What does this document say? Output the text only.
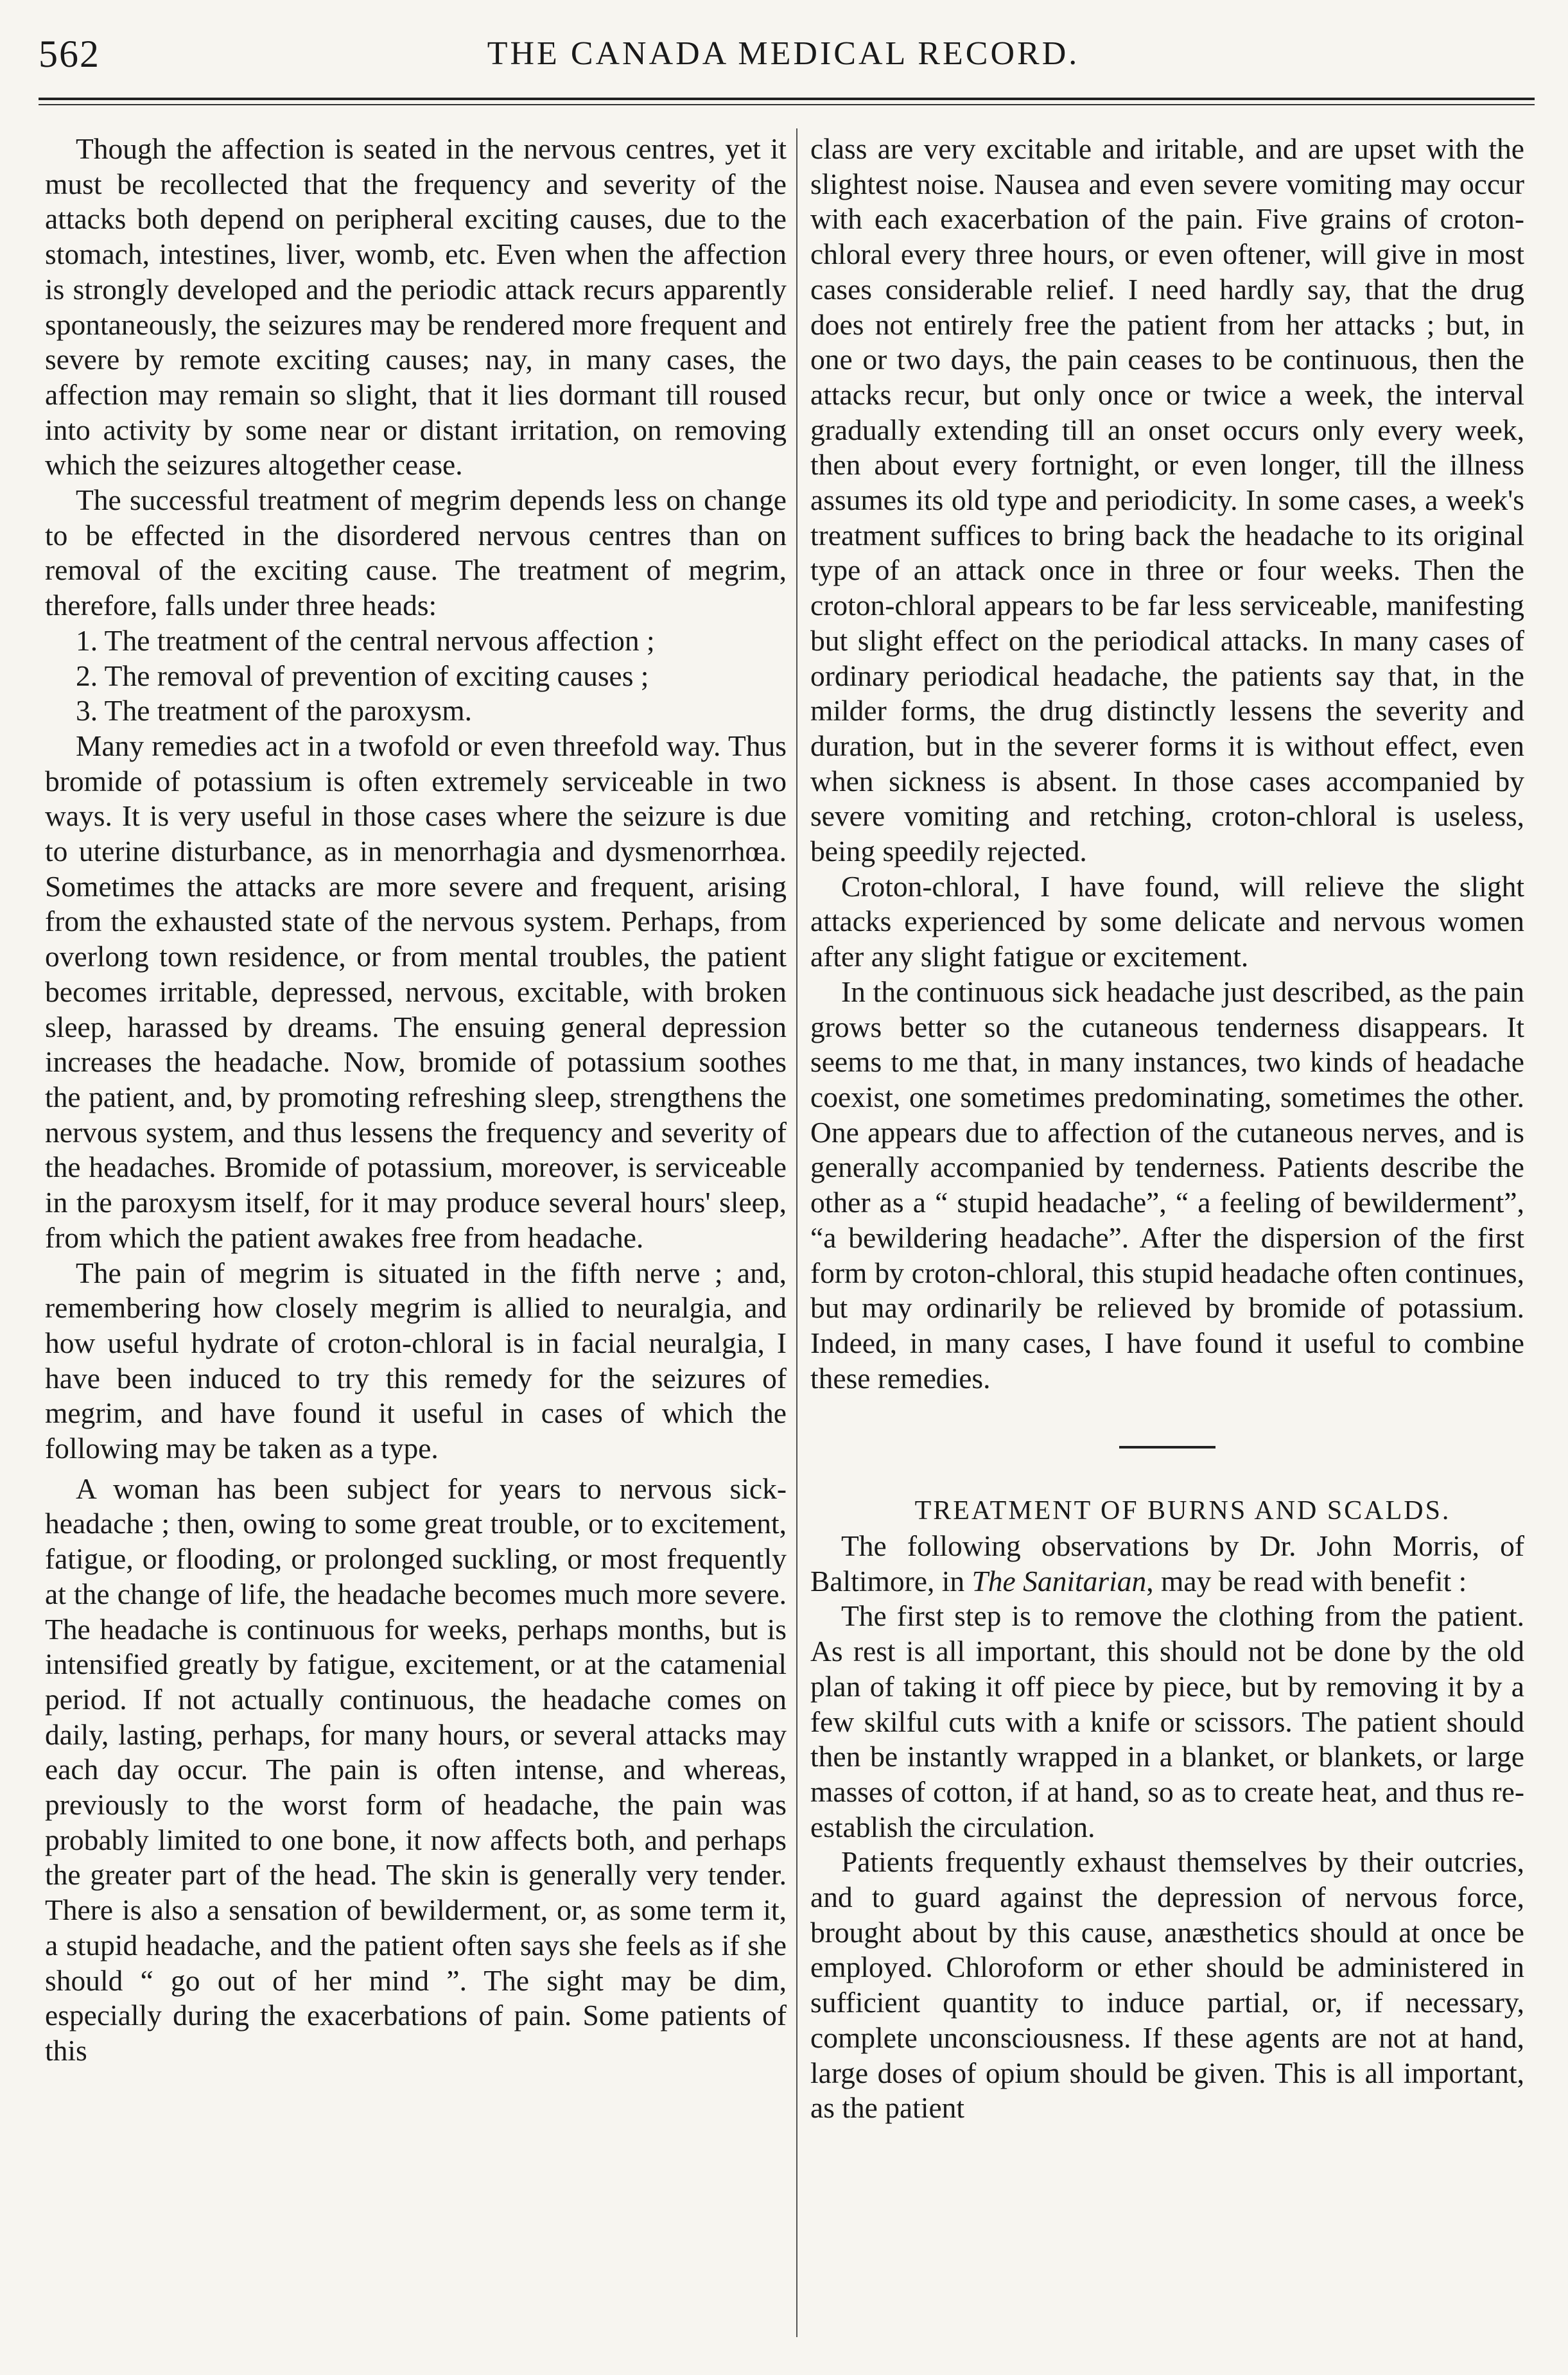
562	THE CANADA MEDICAL RECORD.

Though the affection is seated in the nervous centres, yet it must be recollected that the frequency and severity of the attacks both depend on peripheral exciting causes, due to the stomach, intestines, liver, womb, etc. Even when the affection is strongly developed and the periodic attack recurs apparently spontaneously, the seizures may be rendered more frequent and severe by remote exciting causes; nay, in many cases, the affection may remain so slight, that it lies dormant till roused into activity by some near or distant irritation, on removing which the seizures altogether cease.

The successful treatment of megrim depends less on change to be effected in the disordered nervous centres than on removal of the exciting cause. The treatment of megrim, therefore, falls under three heads:

1. The treatment of the central nervous affection ;

2. The removal of prevention of exciting causes ;

3. The treatment of the paroxysm.

Many remedies act in a twofold or even threefold way. Thus bromide of potassium is often extremely serviceable in two ways. It is very useful in those cases where the seizure is due to uterine disturbance, as in menorrhagia and dysmenorrhœa. Sometimes the attacks are more severe and frequent, arising from the exhausted state of the nervous system. Perhaps, from overlong town residence, or from mental troubles, the patient becomes irritable, depressed, nervous, excitable, with broken sleep, harassed by dreams. The ensuing general depression increases the headache. Now, bromide of potassium soothes the patient, and, by promoting refreshing sleep, strengthens the nervous system, and thus lessens the frequency and severity of the headaches. Bromide of potassium, moreover, is serviceable in the paroxysm itself, for it may produce several hours' sleep, from which the patient awakes free from headache.

The pain of megrim is situated in the fifth nerve ; and, remembering how closely megrim is allied to neuralgia, and how useful hydrate of croton-chloral is in facial neuralgia, I have been induced to try this remedy for the seizures of megrim, and have found it useful in cases of which the following may be taken as a type.

A woman has been subject for years to nervous sick-headache ; then, owing to some great trouble, or to excitement, fatigue, or flooding, or prolonged suckling, or most frequently at the change of life, the headache becomes much more severe. The headache is continuous for weeks, perhaps months, but is intensified greatly by fatigue, excitement, or at the catamenial period. If not actually continuous, the headache comes on daily, lasting, perhaps, for many hours, or several attacks may each day occur. The pain is often intense, and whereas, previously to the worst form of headache, the pain was probably limited to one bone, it now affects both, and perhaps the greater part of the head. The skin is generally very tender. There is also a sensation of bewilderment, or, as some term it, a stupid headache, and the patient often says she feels as if she should “ go out of her mind ”. The sight may be dim, especially during the exacerbations of pain. Some patients of this

class are very excitable and iritable, and are upset with the slightest noise. Nausea and even severe vomiting may occur with each exacerbation of the pain. Five grains of croton-chloral every three hours, or even oftener, will give in most cases considerable relief. I need hardly say, that the drug does not entirely free the patient from her attacks ; but, in one or two days, the pain ceases to be continuous, then the attacks recur, but only once or twice a week, the interval gradually extending till an onset occurs only every week, then about every fortnight, or even longer, till the illness assumes its old type and periodicity. In some cases, a week's treatment suffices to bring back the headache to its original type of an attack once in three or four weeks. Then the croton-chloral appears to be far less serviceable, manifesting but slight effect on the periodical attacks. In many cases of ordinary periodical headache, the patients say that, in the milder forms, the drug distinctly lessens the severity and duration, but in the severer forms it is without effect, even when sickness is absent. In those cases accompanied by severe vomiting and retching, croton-chloral is useless, being speedily rejected.

Croton-chloral, I have found, will relieve the slight attacks experienced by some delicate and nervous women after any slight fatigue or excitement.

In the continuous sick headache just described, as the pain grows better so the cutaneous tenderness disappears. It seems to me that, in many instances, two kinds of headache coexist, one sometimes predominating, sometimes the other. One appears due to affection of the cutaneous nerves, and is generally accompanied by tenderness. Patients describe the other as a “ stupid headache”, “ a feeling of bewilderment”, “a bewildering headache”. After the dispersion of the first form by croton-chloral, this stupid headache often continues, but may ordinarily be relieved by bromide of potassium. Indeed, in many cases, I have found it useful to combine these remedies.

TREATMENT OF BURNS AND SCALDS.

The following observations by Dr. John Morris, of Baltimore, in The Sanitarian, may be read with benefit :

The first step is to remove the clothing from the patient. As rest is all important, this should not be done by the old plan of taking it off piece by piece, but by removing it by a few skilful cuts with a knife or scissors. The patient should then be instantly wrapped in a blanket, or blankets, or large masses of cotton, if at hand, so as to create heat, and thus re-establish the circulation.

Patients frequently exhaust themselves by their outcries, and to guard against the depression of nervous force, brought about by this cause, anæsthetics should at once be employed. Chloroform or ether should be administered in sufficient quantity to induce partial, or, if necessary, complete unconsciousness. If these agents are not at hand, large doses of opium should be given. This is all important, as the patient
